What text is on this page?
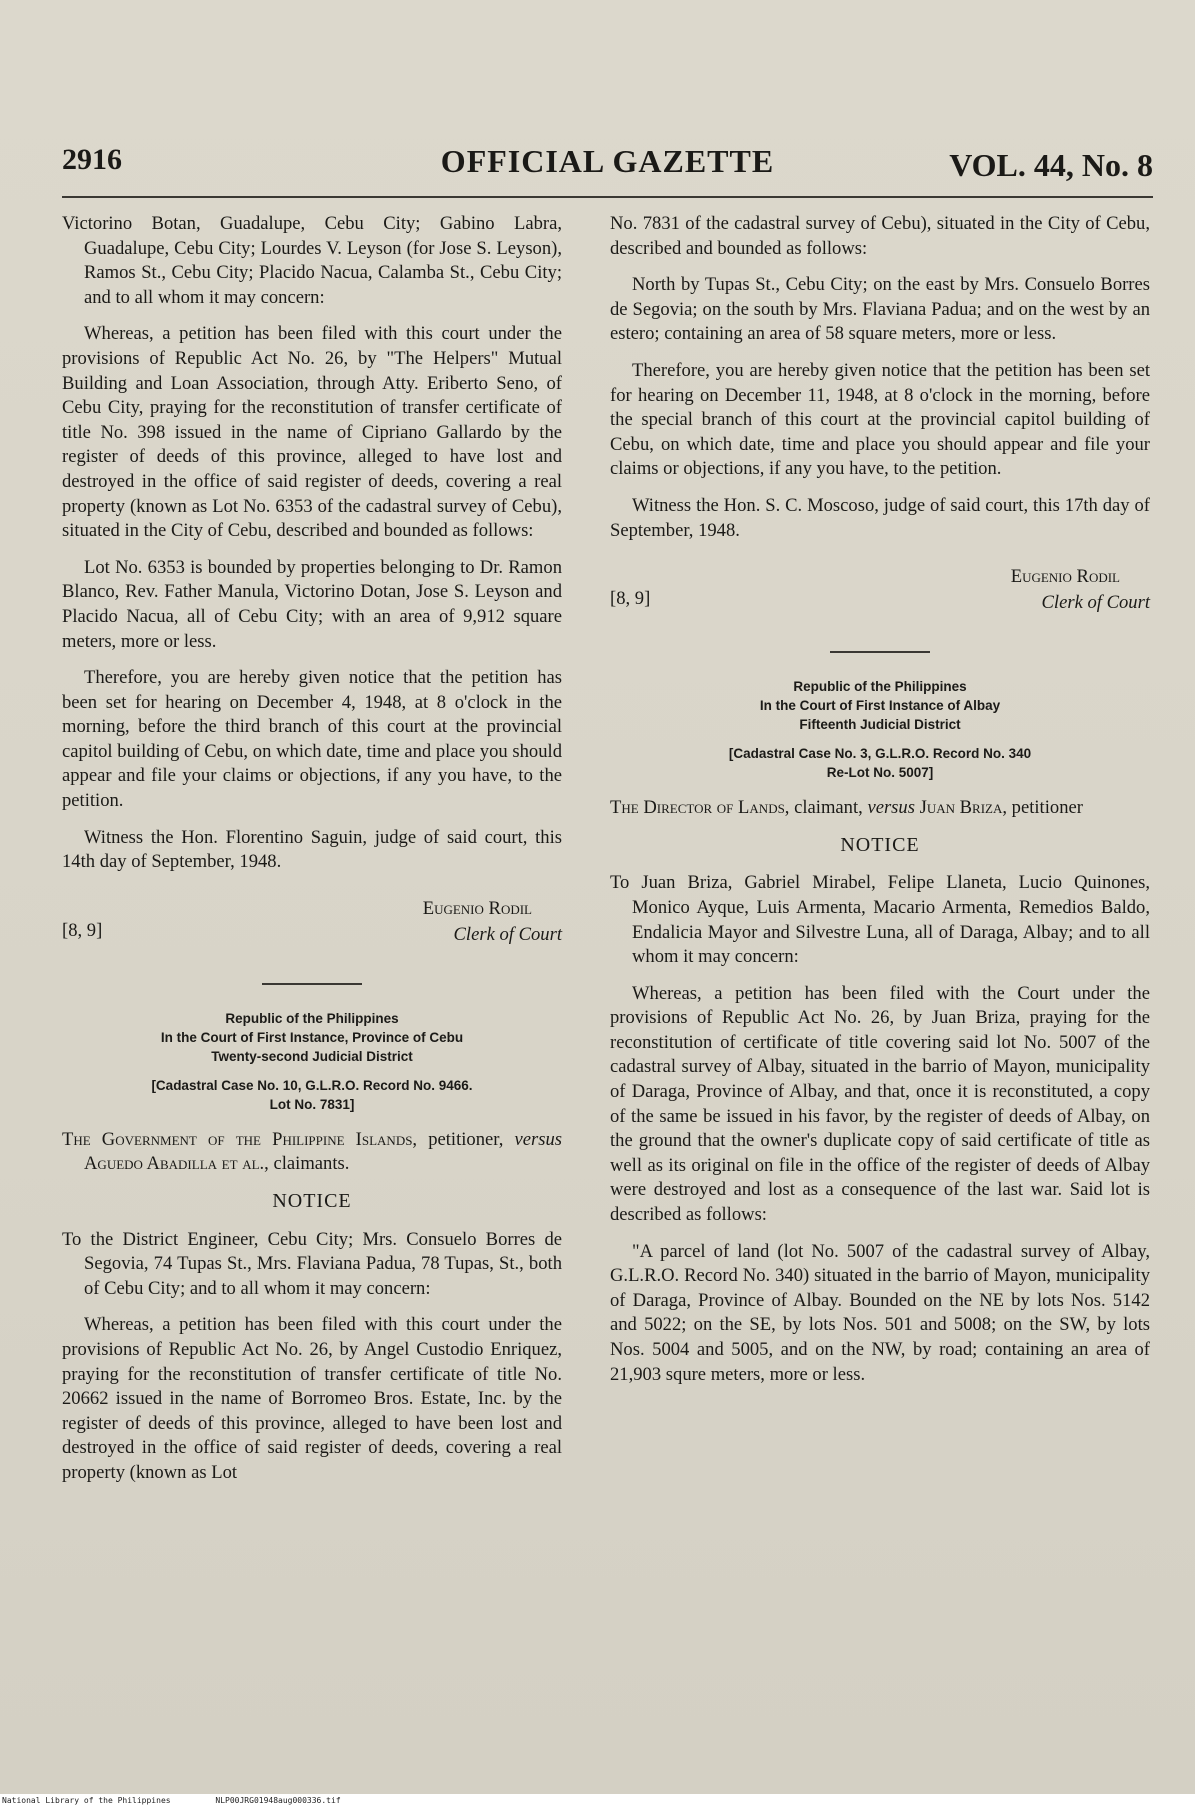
2916	OFFICIAL GAZETTE	VOL. 44, No. 8

Victorino Botan, Guadalupe, Cebu City; Gabino Labra, Guadalupe, Cebu City; Lourdes V. Leyson (for Jose S. Leyson), Ramos St., Cebu City; Placido Nacua, Calamba St., Cebu City; and to all whom it may concern:

Whereas, a petition has been filed with this court under the provisions of Republic Act No. 26, by "The Helpers" Mutual Building and Loan Association, through Atty. Eriberto Seno, of Cebu City, praying for the reconstitution of transfer certificate of title No. 398 issued in the name of Cipriano Gallardo by the register of deeds of this province, alleged to have lost and destroyed in the office of said register of deeds, covering a real property (known as Lot No. 6353 of the cadastral survey of Cebu), situated in the City of Cebu, described and bounded as follows:

Lot No. 6353 is bounded by properties belonging to Dr. Ramon Blanco, Rev. Father Manula, Victorino Dotan, Jose S. Leyson and Placido Nacua, all of Cebu City; with an area of 9,912 square meters, more or less.

Therefore, you are hereby given notice that the petition has been set for hearing on December 4, 1948, at 8 o'clock in the morning, before the third branch of this court at the provincial capitol building of Cebu, on which date, time and place you should appear and file your claims or objections, if any you have, to the petition.

Witness the Hon. Florentino Saguin, judge of said court, this 14th day of September, 1948.

Eugenio Rodil
Clerk of Court
[8, 9]
Republic of the Philippines
In the Court of First Instance, Province of Cebu
Twenty-second Judicial District
[Cadastral Case No. 10, G.L.R.O. Record No. 9466.
Lot No. 7831]

The Government of the Philippine Islands, petitioner, versus Aguedo Abadilla et al., claimants.

NOTICE

To the District Engineer, Cebu City; Mrs. Consuelo Borres de Segovia, 74 Tupas St., Mrs. Flaviana Padua, 78 Tupas, St., both of Cebu City; and to all whom it may concern:

Whereas, a petition has been filed with this court under the provisions of Republic Act No. 26, by Angel Custodio Enriquez, praying for the reconstitution of transfer certificate of title No. 20662 issued in the name of Borromeo Bros. Estate, Inc. by the register of deeds of this province, alleged to have been lost and destroyed in the office of said register of deeds, covering a real property (known as Lot

No. 7831 of the cadastral survey of Cebu), situated in the City of Cebu, described and bounded as follows:

North by Tupas St., Cebu City; on the east by Mrs. Consuelo Borres de Segovia; on the south by Mrs. Flaviana Padua; and on the west by an estero; containing an area of 58 square meters, more or less.

Therefore, you are hereby given notice that the petition has been set for hearing on December 11, 1948, at 8 o'clock in the morning, before the special branch of this court at the provincial capitol building of Cebu, on which date, time and place you should appear and file your claims or objections, if any you have, to the petition.

Witness the Hon. S. C. Moscoso, judge of said court, this 17th day of September, 1948.

Eugenio Rodil
Clerk of Court
[8, 9]
Republic of the Philippines
In the Court of First Instance of Albay
Fifteenth Judicial District
[Cadastral Case No. 3, G.L.R.O. Record No. 340
Re-Lot No. 5007]

The Director of Lands, claimant, versus Juan Briza, petitioner

NOTICE

To Juan Briza, Gabriel Mirabel, Felipe Llaneta, Lucio Quinones, Monico Ayque, Luis Armenta, Macario Armenta, Remedios Baldo, Endalicia Mayor and Silvestre Luna, all of Daraga, Albay; and to all whom it may concern:

Whereas, a petition has been filed with the Court under the provisions of Republic Act No. 26, by Juan Briza, praying for the reconstitution of certificate of title covering said lot No. 5007 of the cadastral survey of Albay, situated in the barrio of Mayon, municipality of Daraga, Province of Albay, and that, once it is reconstituted, a copy of the same be issued in his favor, by the register of deeds of Albay, on the ground that the owner's duplicate copy of said certificate of title as well as its original on file in the office of the register of deeds of Albay were destroyed and lost as a consequence of the last war. Said lot is described as follows:

"A parcel of land (lot No. 5007 of the cadastral survey of Albay, G.L.R.O. Record No. 340) situated in the barrio of Mayon, municipality of Daraga, Province of Albay. Bounded on the NE by lots Nos. 5142 and 5022; on the SE, by lots Nos. 501 and 5008; on the SW, by lots Nos. 5004 and 5005, and on the NW, by road; containing an area of 21,903 squre meters, more or less.

National Library of the Philippines	NLP00JRG01948aug000336.tif
